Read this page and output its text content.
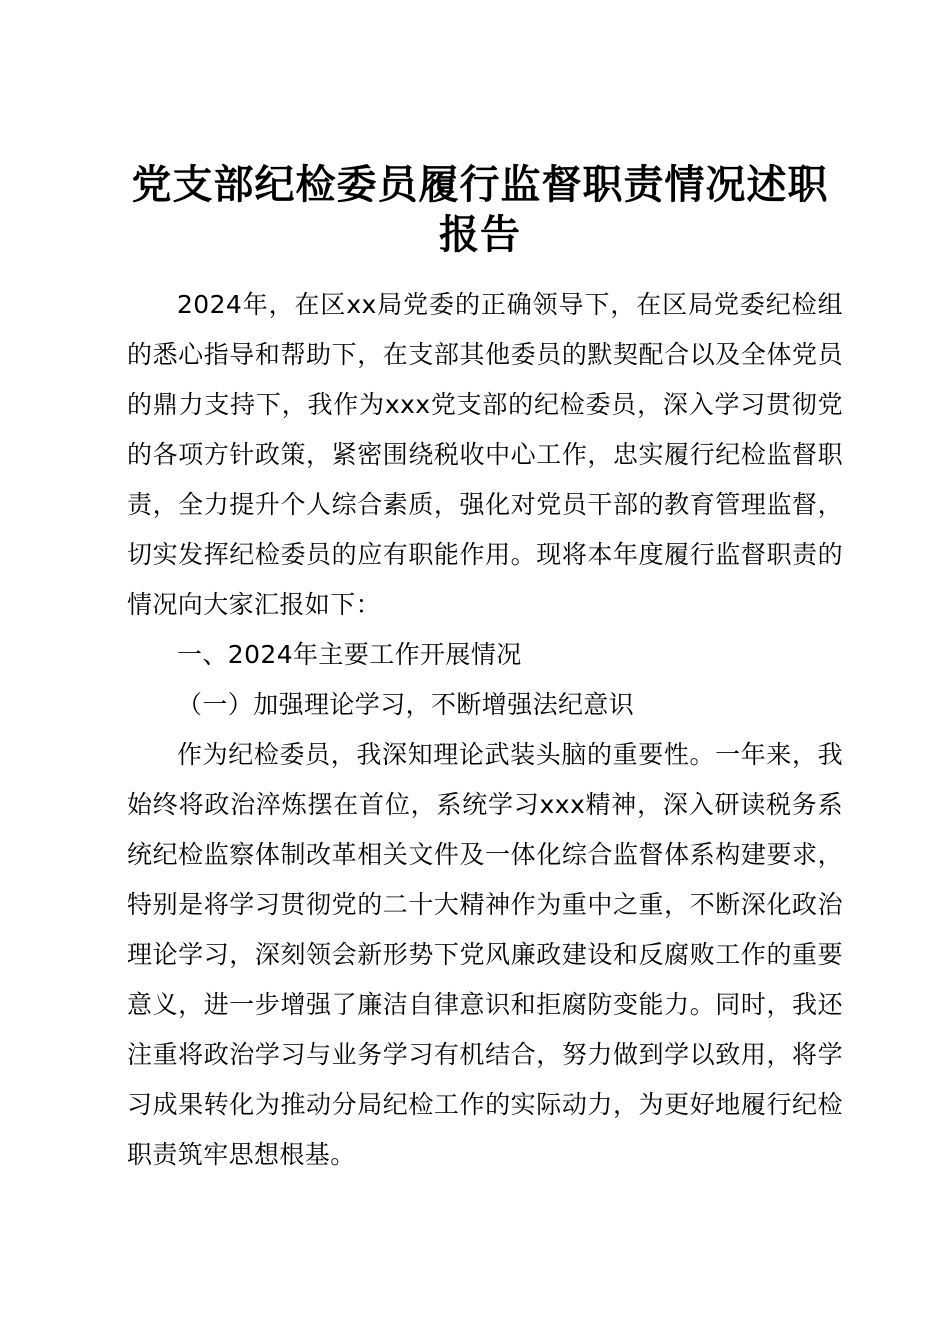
党支部纪检委员履行监督职责情况述职报告

2024年，在区xx局党委的正确领导下，在区局党委纪检组的悉心指导和帮助下，在支部其他委员的默契配合以及全体党员的鼎力支持下，我作为xxx党支部的纪检委员，深入学习贯彻党的各项方针政策，紧密围绕税收中心工作，忠实履行纪检监督职责，全力提升个人综合素质，强化对党员干部的教育管理监督，切实发挥纪检委员的应有职能作用。现将本年度履行监督职责的情况向大家汇报如下：

一、2024年主要工作开展情况

（一）加强理论学习，不断增强法纪意识

作为纪检委员，我深知理论武装头脑的重要性。一年来，我始终将政治淬炼摆在首位，系统学习xxx精神，深入研读税务系统纪检监察体制改革相关文件及一体化综合监督体系构建要求，特别是将学习贯彻党的二十大精神作为重中之重，不断深化政治理论学习，深刻领会新形势下党风廉政建设和反腐败工作的重要意义，进一步增强了廉洁自律意识和拒腐防变能力。同时，我还注重将政治学习与业务学习有机结合，努力做到学以致用，将学习成果转化为推动分局纪检工作的实际动力，为更好地履行纪检职责筑牢思想根基。
